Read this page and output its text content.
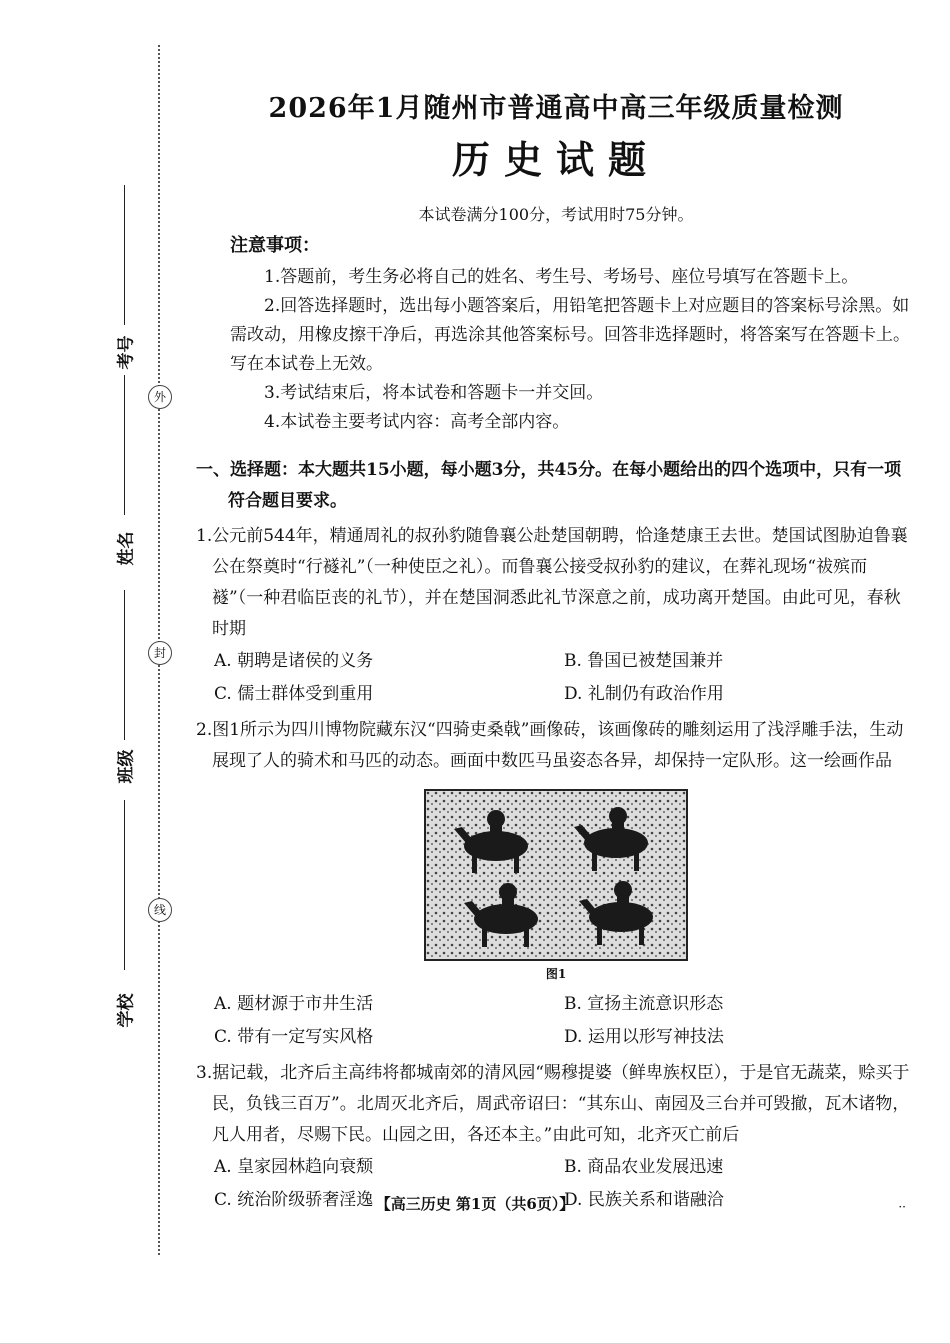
外
封
线
考号
姓名
班级
学校
2026年1月随州市普通高中高三年级质量检测
历史试题
本试卷满分100分，考试用时75分钟。
注意事项：
1.答题前，考生务必将自己的姓名、考生号、考场号、座位号填写在答题卡上。
2.回答选择题时，选出每小题答案后，用铅笔把答题卡上对应题目的答案标号涂黑。如需改动，用橡皮擦干净后，再选涂其他答案标号。回答非选择题时，将答案写在答题卡上。写在本试卷上无效。
3.考试结束后，将本试卷和答题卡一并交回。
4.本试卷主要考试内容：高考全部内容。
一、选择题：本大题共15小题，每小题3分，共45分。在每小题给出的四个选项中，只有一项符合题目要求。
1.公元前544年，精通周礼的叔孙豹随鲁襄公赴楚国朝聘，恰逢楚康王去世。楚国试图胁迫鲁襄公在祭奠时“行襚礼”（一种使臣之礼）。而鲁襄公接受叔孙豹的建议，在葬礼现场“祓殡而襚”（一种君临臣丧的礼节），并在楚国洞悉此礼节深意之前，成功离开楚国。由此可见，春秋时期
A. 朝聘是诸侯的义务	B. 鲁国已被楚国兼并
C. 儒士群体受到重用	D. 礼制仍有政治作用
2.图1所示为四川博物院藏东汉“四骑吏桑戟”画像砖，该画像砖的雕刻运用了浅浮雕手法，生动展现了人的骑术和马匹的动态。画面中数匹马虽姿态各异，却保持一定队形。这一绘画作品
图1
A. 题材源于市井生活	B. 宣扬主流意识形态
C. 带有一定写实风格	D. 运用以形写神技法
3.据记载，北齐后主高纬将都城南郊的清风园“赐穆提婆（鲜卑族权臣），于是官无蔬菜，赊买于民，负钱三百万”。北周灭北齐后，周武帝诏曰：“其东山、南园及三台并可毁撤，瓦木诸物，凡人用者，尽赐下民。山园之田，各还本主。”由此可知，北齐灭亡前后
A. 皇家园林趋向衰颓	B. 商品农业发展迅速
C. 统治阶级骄奢淫逸	D. 民族关系和谐融洽
【高三历史 第1页（共6页）】	··
